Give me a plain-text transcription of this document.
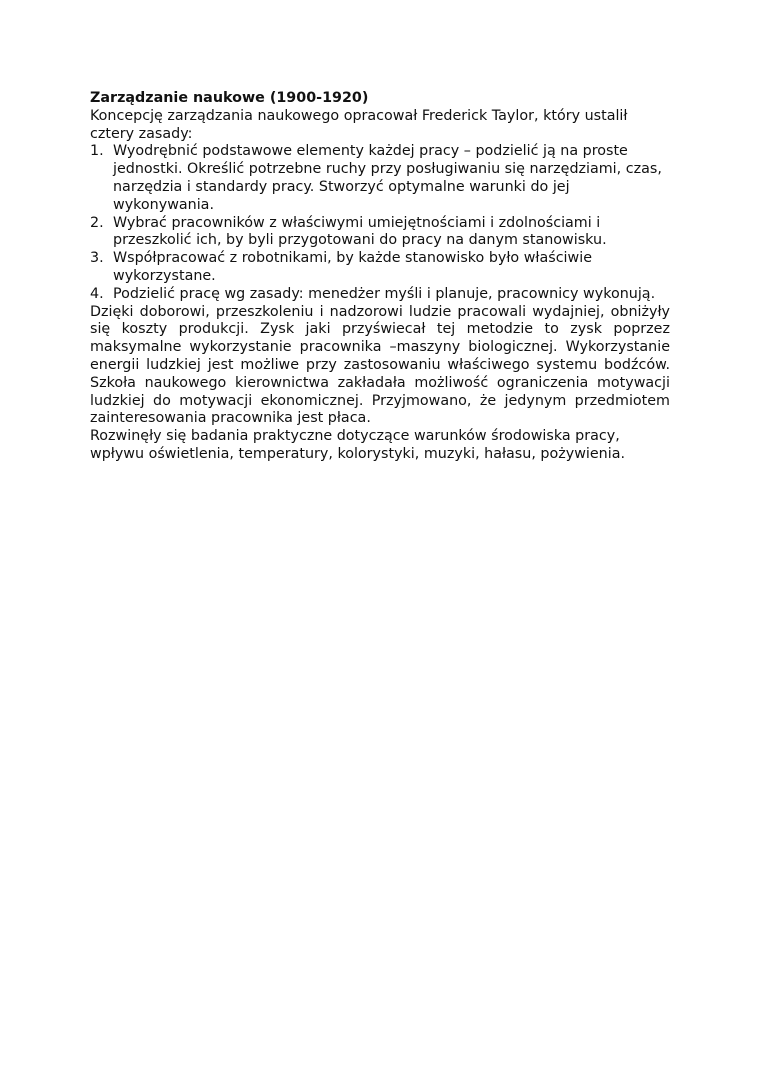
Zarządzanie naukowe (1900-1920)

Koncepcję zarządzania naukowego opracował Frederick Taylor, który ustalił cztery zasady:

1. Wyodrębnić podstawowe elementy każdej pracy – podzielić ją na proste jednostki. Określić potrzebne ruchy przy posługiwaniu się narzędziami, czas, narzędzia i standardy pracy. Stworzyć optymalne warunki do jej wykonywania.
2. Wybrać pracowników z właściwymi umiejętnościami i zdolnościami i przeszkolić ich, by byli przygotowani do pracy na danym stanowisku.
3. Współpracować z robotnikami, by każde stanowisko było właściwie wykorzystane.
4. Podzielić pracę wg zasady: menedżer myśli i planuje, pracownicy wykonują.

Dzięki doborowi, przeszkoleniu i nadzorowi ludzie pracowali wydajniej, obniżyły się koszty produkcji. Zysk jaki przyświecał tej metodzie to zysk poprzez maksymalne wykorzystanie pracownika –maszyny biologicznej. Wykorzystanie energii ludzkiej jest możliwe przy zastosowaniu właściwego systemu bodźców. Szkoła naukowego kierownictwa zakładała możliwość ograniczenia motywacji ludzkiej do motywacji ekonomicznej. Przyjmowano, że jedynym przedmiotem zainteresowania pracownika jest płaca.

Rozwinęły się badania praktyczne dotyczące warunków środowiska pracy, wpływu oświetlenia, temperatury, kolorystyki, muzyki, hałasu, pożywienia.
